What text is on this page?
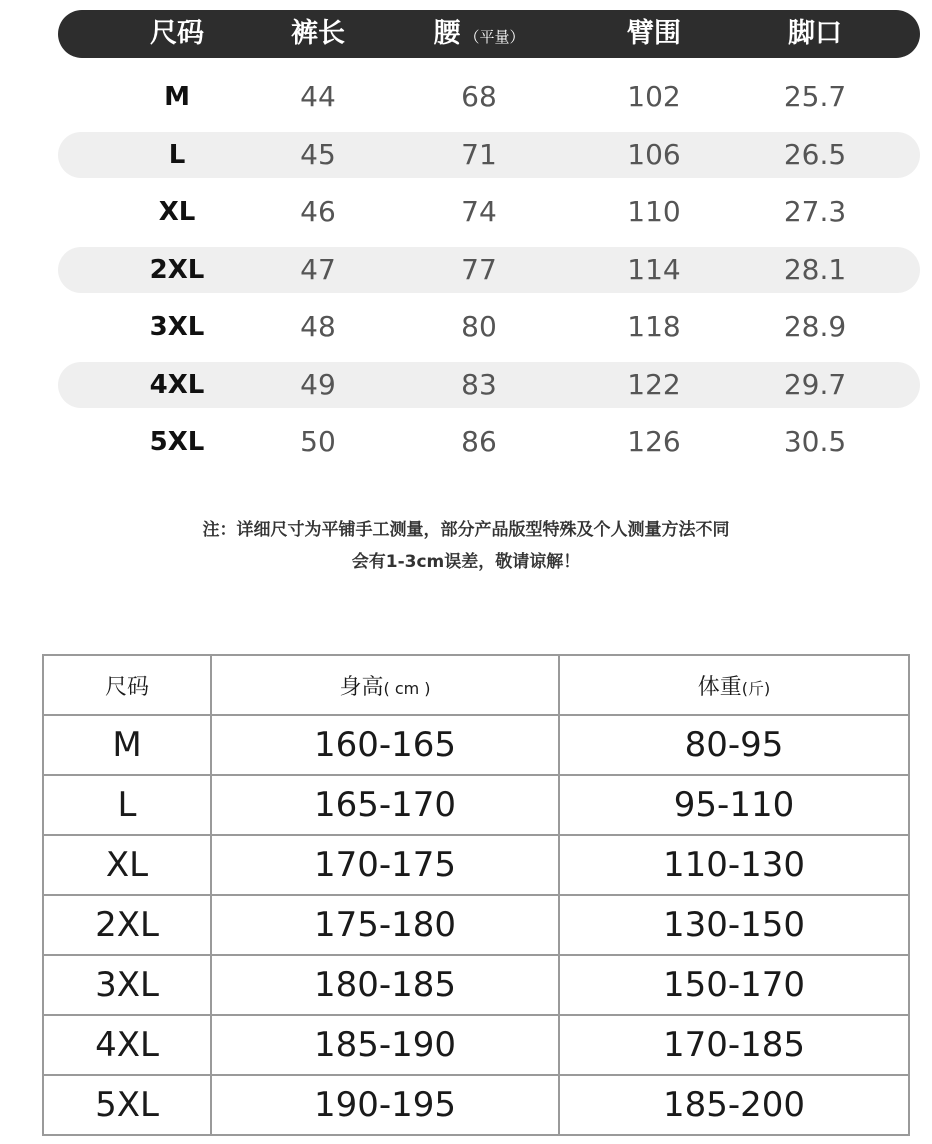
尺码	裤长	腰 （平量）	臂围	脚口
M	44	68	102	25.7
L	45	71	106	26.5
XL	46	74	110	27.3
2XL	47	77	114	28.1
3XL	48	80	118	28.9
4XL	49	83	122	29.7
5XL	50	86	126	30.5
注：详细尺寸为平铺手工测量，部分产品版型特殊及个人测量方法不同
会有1-3cm误差，敬请谅解！
尺码	身高( cm )	体重(斤)
M	160-165	80-95
L	165-170	95-110
XL	170-175	110-130
2XL	175-180	130-150
3XL	180-185	150-170
4XL	185-190	170-185
5XL	190-195	185-200
